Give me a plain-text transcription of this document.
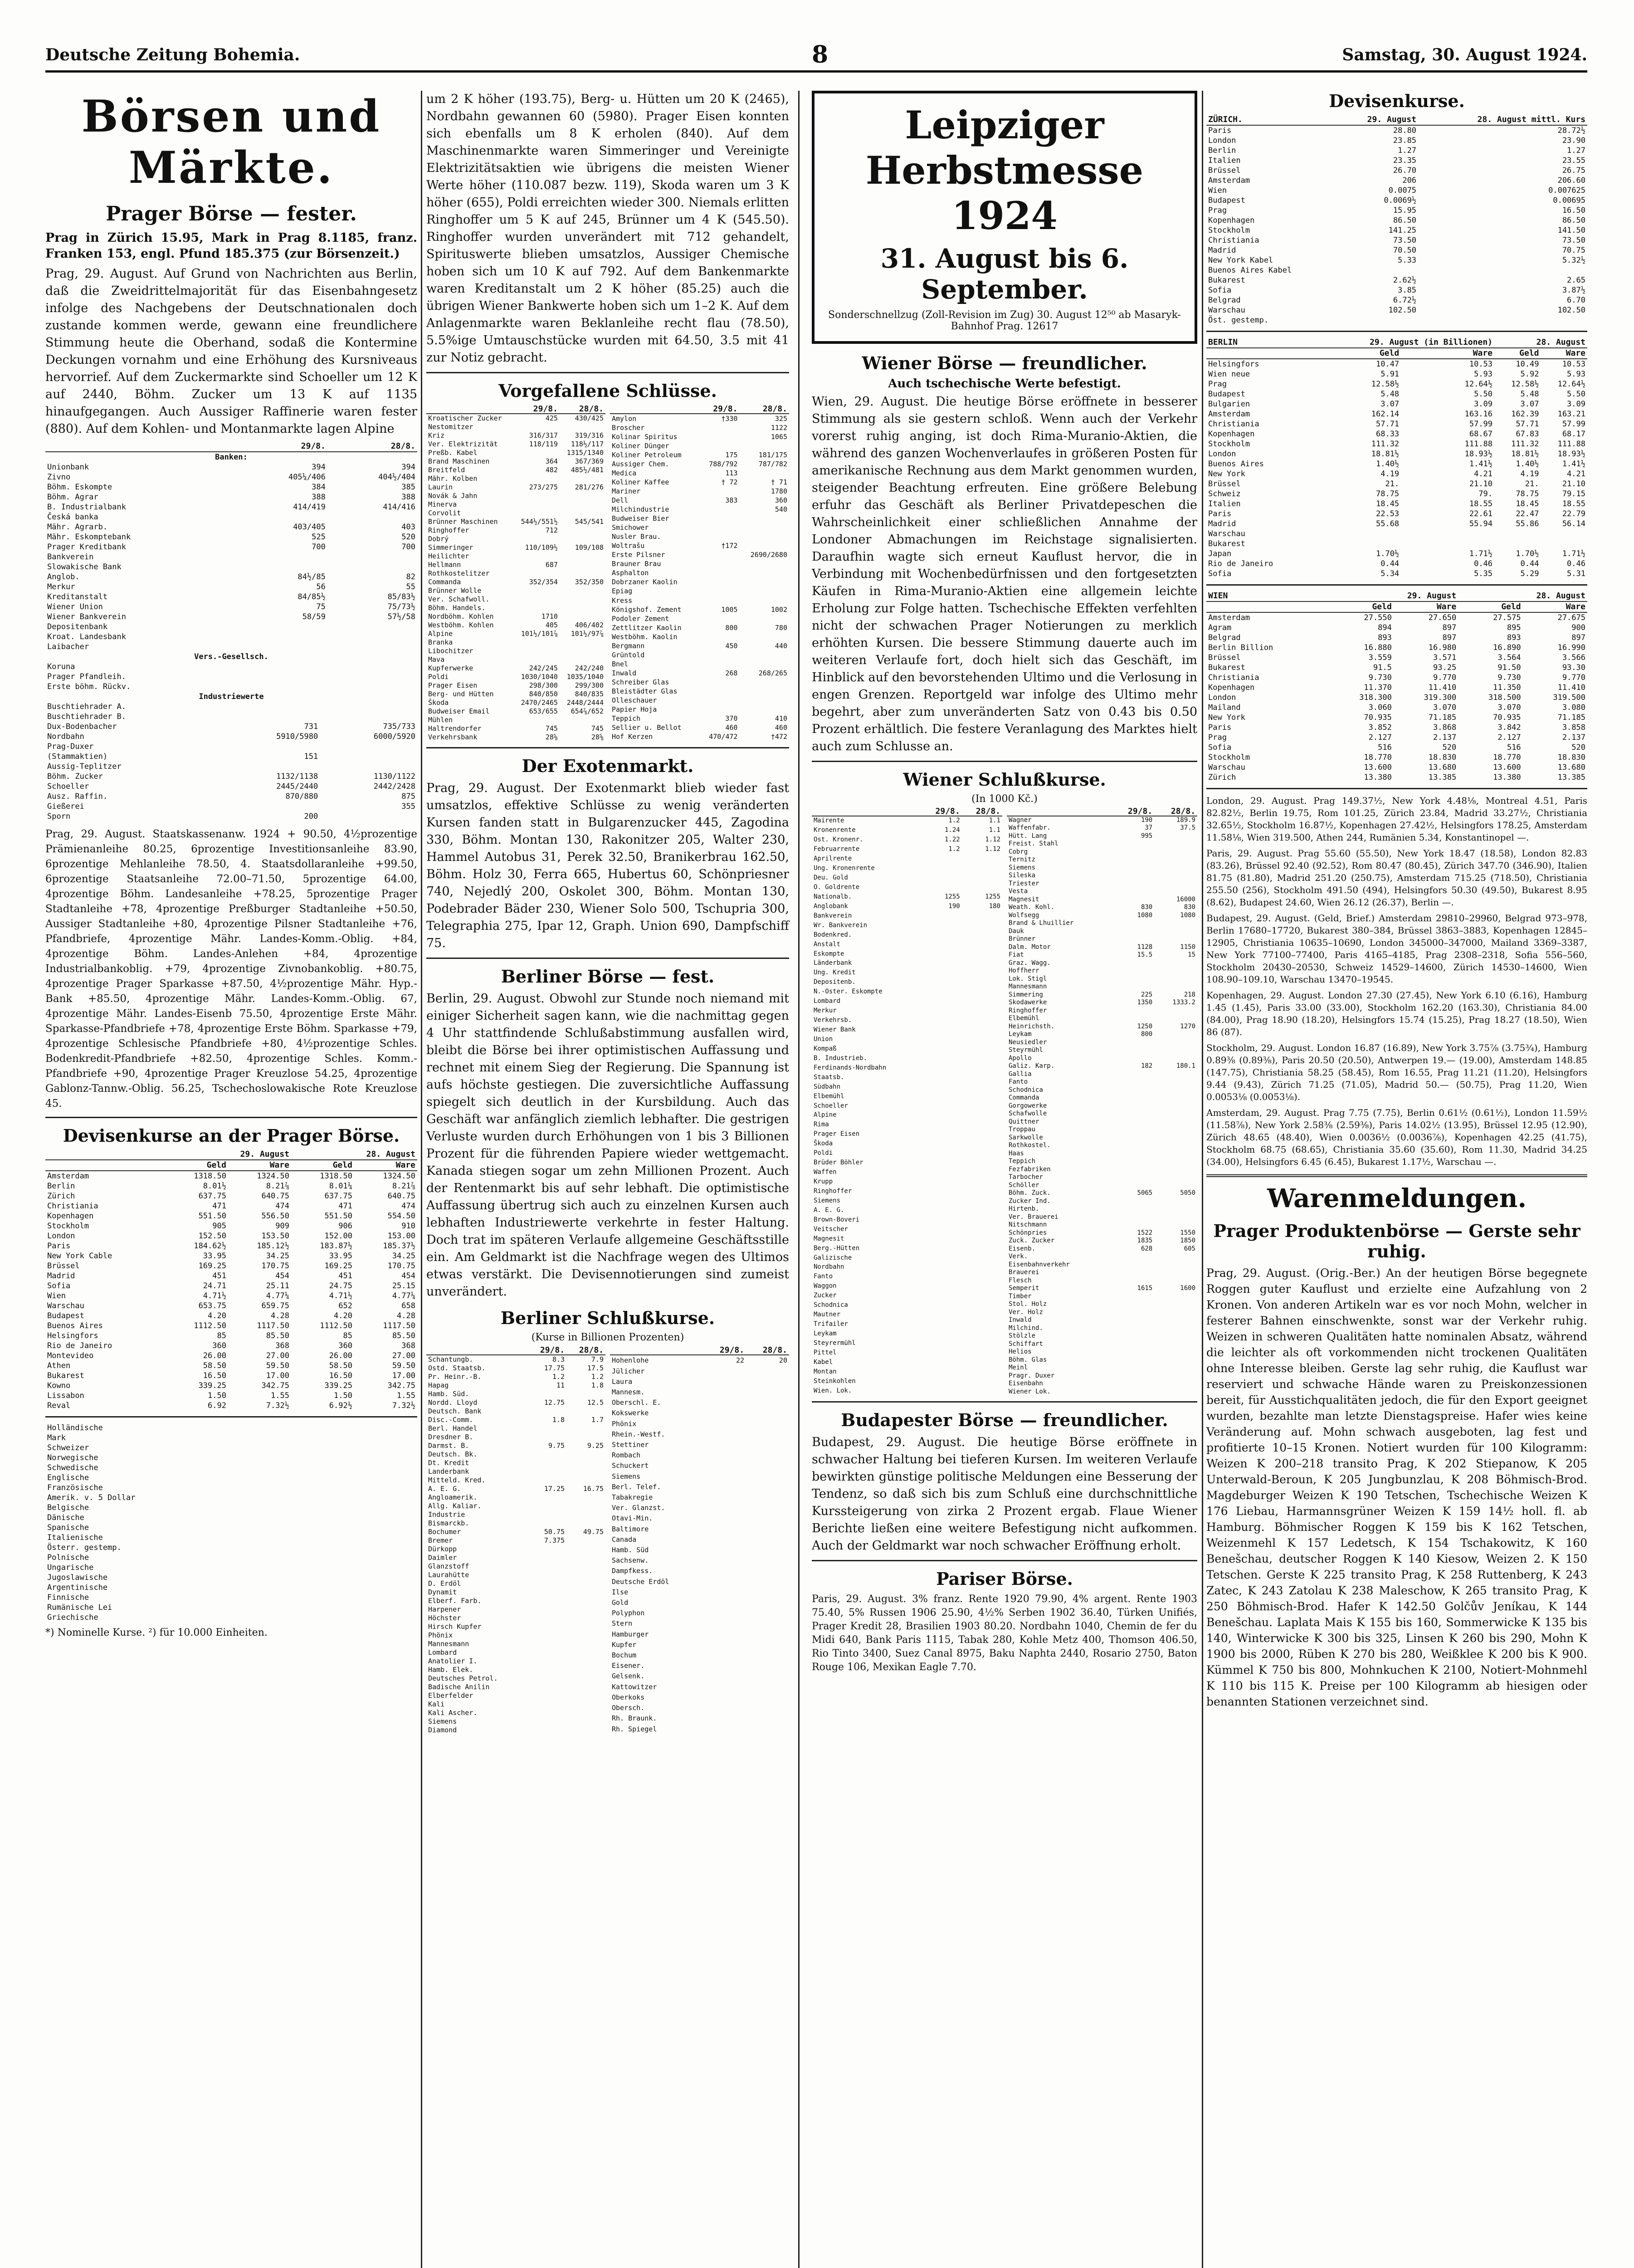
Deutsche Zeitung Bohemia.	8	Samstag, 30. August 1924.
Börsen und Märkte.
Prager Börse — fester.
Prag in Zürich 15.95, Mark in Prag 8.1185, franz. Franken 153, engl. Pfund 185.375 (zur Börsenzeit.)

Prag, 29. August. Auf Grund von Nachrichten aus Berlin, daß die Zweidrittelmajorität für das Eisenbahngesetz infolge des Nachgebens der Deutschnationalen doch zustande kommen werde, gewann eine freundlichere Stimmung heute die Oberhand, sodaß die Kontermine Deckungen vornahm und eine Erhöhung des Kursniveaus hervorrief. Auf dem Zuckermarkte sind Schoeller um 12 K auf 2440, Böhm. Zucker um 13 K auf 1135 hinaufgegangen. Auch Aussiger Raffinerie waren fester (880). Auf dem Kohlen- und Montanmarkte lagen Alpine

	29/8.	28/8.
Banken:		
Unionbank	394	394
Zivno	405¼/406	404½/404
Böhm. Eskompte	384	385
Böhm. Agrar	388	388
B. Industrialbank	414/419	414/416
Česká banka		
Mähr. Agrarb.	403/405	403
Mähr. Eskomptebank	525	520
Prager Kreditbank	700	700
Bankverein		
Slowakische Bank		
Anglob.	84½/85	82
Merkur	56	55
Kreditanstalt	84/85½	85/83½
Wiener Union	75	75/73½
Wiener Bankverein	58/59	57½/58
Depositenbank		
Kroat. Landesbank		
Laibacher		
Vers.-Gesellsch.		
Koruna		
Prager Pfandleih.		
Erste böhm. Rückv.		
Industriewerte		
Buschtiehrader A.		
Buschtiehrader B.		
Dux-Bodenbacher	731	735/733
Nordbahn	5910/5980	6000/5920
Prag-Duxer		
(Stammaktien)	151	
Aussig-Teplitzer		
Böhm. Zucker	1132/1138	1130/1122
Schoeller	2445/2440	2442/2428
Ausz. Raffin.	870/880	875
Gießerei		355
Sporn	200	

Prag, 29. August. Staatskassenanw. 1924 + 90.50, 4½prozentige Prämienanleihe 80.25, 6prozentige Investitionsanleihe 83.90, 6prozentige Mehlanleihe 78.50, 4. Staatsdollaranleihe +99.50, 6prozentige Staatsanleihe 72.00–71.50, 5prozentige 64.00, 4prozentige Böhm. Landesanleihe +78.25, 5prozentige Prager Stadtanleihe +78, 4prozentige Preßburger Stadtanleihe +50.50, Aussiger Stadtanleihe +80, 4prozentige Pilsner Stadtanleihe +76, Pfandbriefe, 4prozentige Mähr. Landes-Komm.-Oblig. +84, 4prozentige Böhm. Landes-Anlehen +84, 4prozentige Industrialbankoblig. +79, 4prozentige Zivnobankoblig. +80.75, 4prozentige Prager Sparkasse +87.50, 4½prozentige Mähr. Hyp.-Bank +85.50, 4prozentige Mähr. Landes-Komm.-Oblig. 67, 4prozentige Mähr. Landes-Eisenb 75.50, 4prozentige Erste Mähr. Sparkasse-Pfandbriefe +78, 4prozentige Erste Böhm. Sparkasse +79, 4prozentige Schlesische Pfandbriefe +80, 4½prozentige Schles. Bodenkredit-Pfandbriefe +82.50, 4prozentige Schles. Komm.-Pfandbriefe +90, 4prozentige Prager Kreuzlose 54.25, 4prozentige Gablonz-Tannw.-Oblig. 56.25, Tschechoslowakische Rote Kreuzlose 45.

Devisenkurse an der Prager Börse.
	29. August		28. August	
	Geld	Ware	Geld	Ware
Amsterdam	1318.50	1324.50	1318.50	1324.50
Berlin	8.01½	8.21⅞	8.01¼	8.21⅞
Zürich	637.75	640.75	637.75	640.75
Christiania	471	474	471	474
Kopenhagen	551.50	556.50	551.50	554.50
Stockholm	905	909	906	910
London	152.50	153.50	152.00	153.00
Paris	184.62½	185.12½	183.87½	185.37½
New York Cable	33.95	34.25	33.95	34.25
Brüssel	169.25	170.75	169.25	170.75
Madrid	451	454	451	454
Sofia	24.71	25.11	24.75	25.15
Wien	4.71½	4.77¼	4.71½	4.77¼
Warschau	653.75	659.75	652	658
Budapest	4.20	4.28	4.20	4.28
Buenos Aires	1112.50	1117.50	1112.50	1117.50
Helsingfors	85	85.50	85	85.50
Rio de Janeiro	360	368	360	368
Montevideo	26.00	27.00	26.00	27.00
Athen	58.50	59.50	58.50	59.50
Bukarest	16.50	17.00	16.50	17.00
Kowno	339.25	342.75	339.25	342.75
Lissabon	1.50	1.55	1.50	1.55
Reval	6.92	7.32½	6.92½	7.32½
Holländische
Mark
Schweizer
Norwegische
Schwedische
Englische
Französische
Amerik. v. 5 Dollar
Belgische
Dänische
Spanische
Italienische
Österr. gestemp.
Polnische
Ungarische
Jugoslawische
Argentinische
Finnische
Rumänische Lei
Griechische
*) Nominelle Kurse. ²) für 10.000 Einheiten.

um 2 K höher (193.75), Berg- u. Hütten um 20 K (2465), Nordbahn gewannen 60 (5980). Prager Eisen konnten sich ebenfalls um 8 K erholen (840). Auf dem Maschinenmarkte waren Simmeringer und Vereinigte Elektrizitätsaktien wie übrigens die meisten Wiener Werte höher (110.087 bezw. 119), Skoda waren um 3 K höher (655), Poldi erreichten wieder 300. Niemals erlitten Ringhoffer um 5 K auf 245, Brünner um 4 K (545.50). Ringhoffer wurden unverändert mit 712 gehandelt, Spirituswerte blieben umsatzlos, Aussiger Chemische hoben sich um 10 K auf 792. Auf dem Bankenmarkte waren Kreditanstalt um 2 K höher (85.25) auch die übrigen Wiener Bankwerte hoben sich um 1–2 K. Auf dem Anlagenmarkte waren Beklanleihe recht flau (78.50), 5.5%ige Umtauschstücke wurden mit 64.50, 3.5 mit 41 zur Notiz gebracht.

Vorgefallene Schlüsse.
	29/8.	28/8.
Kroatischer Zucker	425	430/425
Nestomitzer		
Kriz	316/317	319/316
Ver. Elektrizität	118/119	118½/117
Preßb. Kabel		1315/1340
Brand Maschinen	364	367/369
Breitfeld	482	485½/481
Mähr. Kolben		
Laurin	273/275	281/276
Novák & Jahn		
Minerva		
Corvolit		
Brünner Maschinen	544½/551½	545/541
Ringhoffer	712	
Dobrý		
Simmeringer	110/109½	109/108
Heilichter		
Hellmann	687	
Rothkostelitzer		
Commanda	352/354	352/350
Brünner Wolle		
Ver. Schafwoll.		
Böhm. Handels.		
Nordböhm. Kohlen	1710	
Westböhm. Kohlen	405	406/402
Alpine	101½/101⅞	101½/97⅞
Branka		
Libochitzer		
Mava		
Kupferwerke	242/245	242/240
Poldi	1030/1040	1035/1040
Prager Eisen	298/300	299/300
Berg- und Hütten	840/850	840/835
Škoda	2470/2465	2448/2444
Budweiser Email	653/655	654⅞/652
Mühlen		
Haltrendorfer	745	745
Verkehrsbank	28⅝	28⅝
	29/8.	28/8.
Amylon	†330	325
Broscher		1122
Kolinar Spiritus		1065
Koliner Dünger		
Koliner Petroleum	175	181/175
Aussiger Chem.	788/792	787/782
Medica	113	
Koliner Kaffee	† 72	† 71
Mariner		1780
Dell	383	360
Milchindustrie		540
Budweiser Bier		
Smichower		
Nusler Brau.		
Woltrašu	†172	
Erste Pilsner		2690/2680
Brauner Brau		
Asphalton		
Dobrzaner Kaolin		
Epiag		
Kress		
Königshof. Zement	1005	1002
Podoler Zement		
Zettlitzer Kaolin	800	780
Westböhm. Kaolin		
Bergmann	450	440
Grüntold		
Bnel		
Inwald	268	268/265
Schreiber Glas		
Bleistädter Glas		
Olleschauer		
Papier Hoja		
Teppich	370	410
Sellier u. Bellot	460	460
Hof Kerzen	470/472	†472
Der Exotenmarkt.

Prag, 29. August. Der Exotenmarkt blieb wieder fast umsatzlos, effektive Schlüsse zu wenig veränderten Kursen fanden statt in Bulgarenzucker 445, Zagodina 330, Böhm. Montan 130, Rakonitzer 205, Walter 230, Hammel Autobus 31, Perek 32.50, Branikerbrau 162.50, Böhm. Holz 30, Ferra 665, Hubertus 60, Schönpriesner 740, Nejedlý 200, Oskolet 300, Böhm. Montan 130, Podebrader Bäder 230, Wiener Solo 500, Tschupria 300, Telegraphia 275, Ipar 12, Graph. Union 690, Dampfschiff 75.

Berliner Börse — fest.

Berlin, 29. August. Obwohl zur Stunde noch niemand mit einiger Sicherheit sagen kann, wie die nachmittag gegen 4 Uhr stattfindende Schlußabstimmung ausfallen wird, bleibt die Börse bei ihrer optimistischen Auffassung und rechnet mit einem Sieg der Regierung. Die Spannung ist aufs höchste gestiegen. Die zuversichtliche Auffassung spiegelt sich deutlich in der Kursbildung. Auch das Geschäft war anfänglich ziemlich lebhafter. Die gestrigen Verluste wurden durch Erhöhungen von 1 bis 3 Billionen Prozent für die führenden Papiere wieder wettgemacht. Kanada stiegen sogar um zehn Millionen Prozent. Auch der Rentenmarkt bis auf sehr lebhaft. Die optimistische Auffassung übertrug sich auch zu einzelnen Kursen auch lebhaften Industriewerte verkehrte in fester Haltung. Doch trat im späteren Verlaufe allgemeine Geschäftsstille ein. Am Geldmarkt ist die Nachfrage wegen des Ultimos etwas verstärkt. Die Devisennotierungen sind zumeist unverändert.

Berliner Schlußkurse.
(Kurse in Billionen Prozenten)
	29/8.	28/8.
Schantungb.	8.3	7.9
Ostd. Staatsb.	17.75	17.5
Pr. Heinr.-B.	1.2	1.2
Hapag	11	1.8
Hamb. Süd.		
Nordd. Lloyd	12.75	12.5
Deutsch. Bank		
Disc.-Comm.	1.8	1.7
Berl. Handel		
Dresdner B.		
Darmst. B.	9.75	9.25
Deutsch. Bk.		
Dt. Kredit		
Landerbank		
Mitteld. Kred.		
A. E. G.	17.25	16.75
Angloamerik.		
Allg. Kaliar.		
Industrie		
Bismarckb.		
Bochumer	50.75	49.75
Bremer	7.375	
Dürkopp		
Daimler		
Glanzstoff		
Laurahütte		
D. Erdöl		
Dynamit		
Elberf. Farb.		
Harpener		
Höchster		
Hirsch Kupfer		
Phönix		
Mannesmann		
Lombard		
Anatolier I.		
Hamb. Elek.		
Deutsches Petrol.		
Badische Anilin		
Elberfelder		
Kali		
Kali Ascher.		
Siemens		
Diamond		
	29/8.	28/8.
Hohenlohe	22	20
Jülicher		
Laura		
Mannesm.		
Oberschl. E.		
Kokswerke		
Phönix		
Rhein.-Westf.		
Stettiner		
Rombach		
Schuckert		
Siemens		
Berl. Telef.		
Tabakregie		
Ver. Glanzst.		
Otavi-Min.		
Baltimore		
Canada		
Hamb. Süd		
Sachsenw.		
Dampfkess.		
Deutsche Erdöl		
Ilse		
Gold		
Polyphon		
Stern		
Hamburger		
Kupfer		
Bochum		
Eisener.		
Gelsenk.		
Kattowitzer		
Oberkoks		
Obersch.		
Rh. Braunk.		
Rh. Spiegel		
Leipziger
Herbstmesse 1924
31. August bis 6. September.
Sonderschnellzug (Zoll-Revision im Zug) 30. August 12⁵⁰ ab Masaryk-Bahnhof Prag. 12617
Wiener Börse — freundlicher.
Auch tschechische Werte befestigt.

Wien, 29. August. Die heutige Börse eröffnete in besserer Stimmung als sie gestern schloß. Wenn auch der Verkehr vorerst ruhig anging, ist doch Rima-Muranio-Aktien, die während des ganzen Wochenverlaufes in größeren Posten für amerikanische Rechnung aus dem Markt genommen wurden, steigender Beachtung erfreuten. Eine größere Belebung erfuhr das Geschäft als Berliner Privatdepeschen die Wahrscheinlichkeit einer schließlichen Annahme der Londoner Abmachungen im Reichstage signalisierten. Daraufhin wagte sich erneut Kauflust hervor, die in Verbindung mit Wochenbedürfnissen und den fortgesetzten Käufen in Rima-Muranio-Aktien eine allgemein leichte Erholung zur Folge hatten. Tschechische Effekten verfehlten nicht der schwachen Prager Notierungen zu merklich erhöhten Kursen. Die bessere Stimmung dauerte auch im weiteren Verlaufe fort, doch hielt sich das Geschäft, im Hinblick auf den bevorstehenden Ultimo und die Verlosung in engen Grenzen. Reportgeld war infolge des Ultimo mehr begehrt, aber zum unveränderten Satz von 0.43 bis 0.50 Prozent erhältlich. Die festere Veranlagung des Marktes hielt auch zum Schlusse an.

Wiener Schlußkurse.
(In 1000 Kč.)
	29/8.	28/8.
Mairente	1.2	1.1
Kronenrente	1.24	1.1
Ost. Kronenr.	1.22	1.12
Februarrente	1.2	1.12
Aprilrente		
Ung. Kronenrente		
Deu. Gold		
O. Goldrente		
Nationalb.	1255	1255
Anglobank	190	180
Bankverein		
Wr. Bankverein		
Bodenkred.		
Anstalt		
Eskompte		
Länderbank		
Ung. Kredit		
Depositenb.		
N.-Oster. Eskompte		
Lombard		
Merkur		
Verkehrsb.		
Wiener Bank		
Union		
Kompaß		
B. Industrieb.		
Ferdinands-Nordbahn		
Staatsb.		
Südbahn		
Elbemühl		
Schoeller		
Alpine		
Rima		
Prager Eisen		
Škoda		
Poldi		
Brüder Böhler		
Waffen		
Krupp		
Ringhoffer		
Siemens		
A. E. G.		
Brown-Boveri		
Veitscher		
Magnesit		
Berg.-Hütten		
Galizische		
Nordbahn		
Fanto		
Waggon		
Zucker		
Schodnica		
Mautner		
Trifailer		
Leykam		
Steyrermühl		
Pittel		
Kabel		
Montan		
Steinkohlen		
Wien. Lok.		
	29/8.	28/8.
Wagner	190	189.9
Waffenfabr.	37	37.5
Hütt. Lang	995	
Freist. Stahl		
Cobrg		
Ternitz		
Siemens		
Sileska		
Triester		
Vesta		
Magnesit		16000
Weath. Kohl.	830	830
Wolfsegg	1080	1080
Brand & Lhuillier		
Dauk		
Brünner		
Dalm. Motor	1128	1150
Fiat	15.5	15
Graz. Wagg.		
Hoffherr		
Lok. Stigl		
Mannesmann		
Simmering	225	218
Skodawerke	1350	1333.2
Ringhoffer		
Elbemühl		
Heinrichsth.	1250	1270
Leykam	800	
Neusiedler		
Steyrmühl		
Apollo		
Galiz. Karp.	182	180.1
Gallia		
Fanto		
Schodnica		
Commanda		
Gorgowerke		
Schafwolle		
Quittner		
Troppau		
Sarkwolle		
Rothkostel.		
Haas		
Teppich		
Fezfabriken		
Tarbocher		
Schöller		
Böhm. Zuck.	5065	5050
Zucker Ind.		
Hirtenb.		
Ver. Brauerei		
Nitschmann		
Schönpries	1522	1550
Zuck. Zucker	1835	1850
Eisenb.	628	605
Verk.		
Eisenbahnverkehr		
Brauerei		
Flesch		
Semperit	1615	1600
Timber		
Stol. Holz		
Ver. Holz		
Inwald		
Milchind.		
Stölzle		
Schiffart		
Helios		
Böhm. Glas		
Meinl		
Pragr. Duxer		
Eisenbahn		
Wiener Lok.		
Budapester Börse — freundlicher.

Budapest, 29. August. Die heutige Börse eröffnete in schwacher Haltung bei tieferen Kursen. Im weiteren Verlaufe bewirkten günstige politische Meldungen eine Besserung der Tendenz, so daß sich bis zum Schluß eine durchschnittliche Kurssteigerung von zirka 2 Prozent ergab. Flaue Wiener Berichte ließen eine weitere Befestigung nicht aufkommen. Auch der Geldmarkt war noch schwacher Eröffnung erholt.

Pariser Börse.

Paris, 29. August. 3% franz. Rente 1920 79.90, 4% argent. Rente 1903 75.40, 5% Russen 1906 25.90, 4½% Serben 1902 36.40, Türken Unifiés, Prager Kredit 28, Brasilien 1903 80.20. Nordbahn 1040, Chemin de fer du Midi 640, Bank Paris 1115, Tabak 280, Kohle Metz 400, Thomson 406.50, Rio Tinto 3400, Suez Canal 8975, Baku Naphta 2440, Rosario 2750, Baton Rouge 106, Mexikan Eagle 7.70.

Devisenkurse.
ZÜRICH.	29. August	28. August mittl. Kurs
Paris	28.80	28.72½
London	23.85	23.90
Berlin	1.27	1.27
Italien	23.35	23.55
Brüssel	26.70	26.75
Amsterdam	206	206.60
Wien	0.0075	0.007625
Budapest	0.0069½	0.00695
Prag	15.95	16.50
Kopenhagen	86.50	86.50
Stockholm	141.25	141.50
Christiania	73.50	73.50
Madrid	70.50	70.75
New York Kabel	5.33	5.32½
Buenos Aires Kabel		
Bukarest	2.62½	2.65
Sofia	3.85	3.87½
Belgrad	6.72½	6.70
Warschau	102.50	102.50
Öst. gestemp.		
BERLIN	29. August (in Billionen)		28. August	
	Geld	Ware	Geld	Ware
Helsingfors	10.47	10.53	10.49	10.53
Wien neue	5.91	5.93	5.92	5.93
Prag	12.58½	12.64½	12.58½	12.64½
Budapest	5.48	5.50	5.48	5.50
Bulgarien	3.07	3.09	3.07	3.09
Amsterdam	162.14	163.16	162.39	163.21
Christiania	57.71	57.99	57.71	57.99
Kopenhagen	68.33	68.67	67.83	68.17
Stockholm	111.32	111.88	111.32	111.88
London	18.81½	18.93½	18.81½	18.93½
Buenos Aires	1.40½	1.41½	1.40½	1.41½
New York	4.19	4.21	4.19	4.21
Brüssel	21.	21.10	21.	21.10
Schweiz	78.75	79.	78.75	79.15
Italien	18.45	18.55	18.45	18.55
Paris	22.53	22.61	22.47	22.79
Madrid	55.68	55.94	55.86	56.14
Warschau				
Bukarest				
Japan	1.70½	1.71½	1.70½	1.71½
Rio de Janeiro	0.44	0.46	0.44	0.46
Sofia	5.34	5.35	5.29	5.31
WIEN	29. August		28. August	
	Geld	Ware	Geld	Ware
Amsterdam	27.550	27.650	27.575	27.675
Agram	894	897	895	900
Belgrad	893	897	893	897
Berlin Billion	16.880	16.980	16.890	16.990
Brüssel	3.559	3.571	3.564	3.566
Bukarest	91.5	93.25	91.50	93.30
Christiania	9.730	9.770	9.730	9.770
Kopenhagen	11.370	11.410	11.350	11.410
London	318.300	319.300	318.500	319.500
Mailand	3.060	3.070	3.070	3.080
New York	70.935	71.185	70.935	71.185
Paris	3.852	3.868	3.842	3.858
Prag	2.127	2.137	2.127	2.137
Sofia	516	520	516	520
Stockholm	18.770	18.830	18.770	18.830
Warschau	13.600	13.680	13.600	13.680
Zürich	13.380	13.385	13.380	13.385

London, 29. August. Prag 149.37½, New York 4.48⅛, Montreal 4.51, Paris 82.82½, Berlin 19.75, Rom 101.25, Zürich 23.84, Madrid 33.27½, Christiania 32.65½, Stockholm 16.87½, Kopenhagen 27.42½, Helsingfors 178.25, Amsterdam 11.58⅛, Wien 319.500, Athen 244, Rumänien 5.34, Konstantinopel —.

Paris, 29. August. Prag 55.60 (55.50), New York 18.47 (18.58), London 82.83 (83.26), Brüssel 92.40 (92.52), Rom 80.47 (80.45), Zürich 347.70 (346.90), Italien 81.75 (81.80), Madrid 251.20 (250.75), Amsterdam 715.25 (718.50), Christiania 255.50 (256), Stockholm 491.50 (494), Helsingfors 50.30 (49.50), Bukarest 8.95 (8.62), Budapest 24.60, Wien 26.12 (26.37), Berlin —.

Budapest, 29. August. (Geld, Brief.) Amsterdam 29810–29960, Belgrad 973–978, Berlin 17680–17720, Bukarest 380–384, Brüssel 3863–3883, Kopenhagen 12845–12905, Christiania 10635–10690, London 345000–347000, Mailand 3369–3387, New York 77100–77400, Paris 4165–4185, Prag 2308–2318, Sofia 556–560, Stockholm 20430–20530, Schweiz 14529–14600, Zürich 14530–14600, Wien 108.90–109.10, Warschau 13470–19545.

Kopenhagen, 29. August. London 27.30 (27.45), New York 6.10 (6.16), Hamburg 1.45 (1.45), Paris 33.00 (33.00), Stockholm 162.20 (163.30), Christiania 84.00 (84.00), Prag 18.90 (18.20), Helsingfors 15.74 (15.25), Prag 18.27 (18.50), Wien 86 (87).

Stockholm, 29. August. London 16.87 (16.89), New York 3.75⅞ (3.75¾), Hamburg 0.89⅜ (0.89⅜), Paris 20.50 (20.50), Antwerpen 19.— (19.00), Amsterdam 148.85 (147.75), Christiania 58.25 (58.45), Rom 16.55, Prag 11.21 (11.20), Helsingfors 9.44 (9.43), Zürich 71.25 (71.05), Madrid 50.— (50.75), Prag 11.20, Wien 0.0053⅛ (0.0053⅛).

Amsterdam, 29. August. Prag 7.75 (7.75), Berlin 0.61½ (0.61½), London 11.59½ (11.58⅞), New York 2.58⅜ (2.59⅜), Paris 14.02½ (13.95), Brüssel 12.95 (12.90), Zürich 48.65 (48.40), Wien 0.0036½ (0.0036⅞), Kopenhagen 42.25 (41.75), Stockholm 68.75 (68.65), Christiania 35.60 (35.60), Rom 11.30, Madrid 34.25 (34.00), Helsingfors 6.45 (6.45), Bukarest 1.17½, Warschau —.

Warenmeldungen.
Prager Produktenbörse — Gerste sehr ruhig.

Prag, 29. August. (Orig.-Ber.) An der heutigen Börse begegnete Roggen guter Kauflust und erzielte eine Aufzahlung von 2 Kronen. Von anderen Artikeln war es vor noch Mohn, welcher in festerer Bahnen einschwenkte, sonst war der Verkehr ruhig. Weizen in schweren Qualitäten hatte nominalen Absatz, während die leichter als oft vorkommenden nicht trockenen Qualitäten ohne Interesse bleiben. Gerste lag sehr ruhig, die Kauflust war reserviert und schwache Hände waren zu Preiskonzessionen bereit, für Ausstichqualitäten jedoch, die für den Export geeignet wurden, bezahlte man letzte Dienstagspreise. Hafer wies keine Veränderung auf. Mohn schwach ausgeboten, lag fest und profitierte 10–15 Kronen. Notiert wurden für 100 Kilogramm: Weizen K 200–218 transito Prag, K 202 Stiepanow, K 205 Unterwald-Beroun, K 205 Jungbunzlau, K 208 Böhmisch-Brod. Magdeburger Weizen K 190 Tetschen, Tschechische Weizen K 176 Liebau, Harmannsgrüner Weizen K 159 14½ holl. fl. ab Hamburg. Böhmischer Roggen K 159 bis K 162 Tetschen, Weizenmehl K 157 Ledetsch, K 154 Tschakowitz, K 160 Benešchau, deutscher Roggen K 140 Kiesow, Weizen 2. K 150 Tetschen. Gerste K 225 transito Prag, K 258 Ruttenberg, K 243 Zatec, K 243 Zatolau K 238 Maleschow, K 265 transito Prag, K 250 Böhmisch-Brod. Hafer K 142.50 Golčův Jeníkau, K 144 Benešchau. Laplata Mais K 155 bis 160, Sommerwicke K 135 bis 140, Winterwicke K 300 bis 325, Linsen K 260 bis 290, Mohn K 1900 bis 2000, Rüben K 270 bis 280, Weißklee K 200 bis K 900. Kümmel K 750 bis 800, Mohnkuchen K 2100, Notiert-Mohnmehl K 110 bis 115 K. Preise per 100 Kilogramm ab hiesigen oder benannten Stationen verzeichnet sind.
